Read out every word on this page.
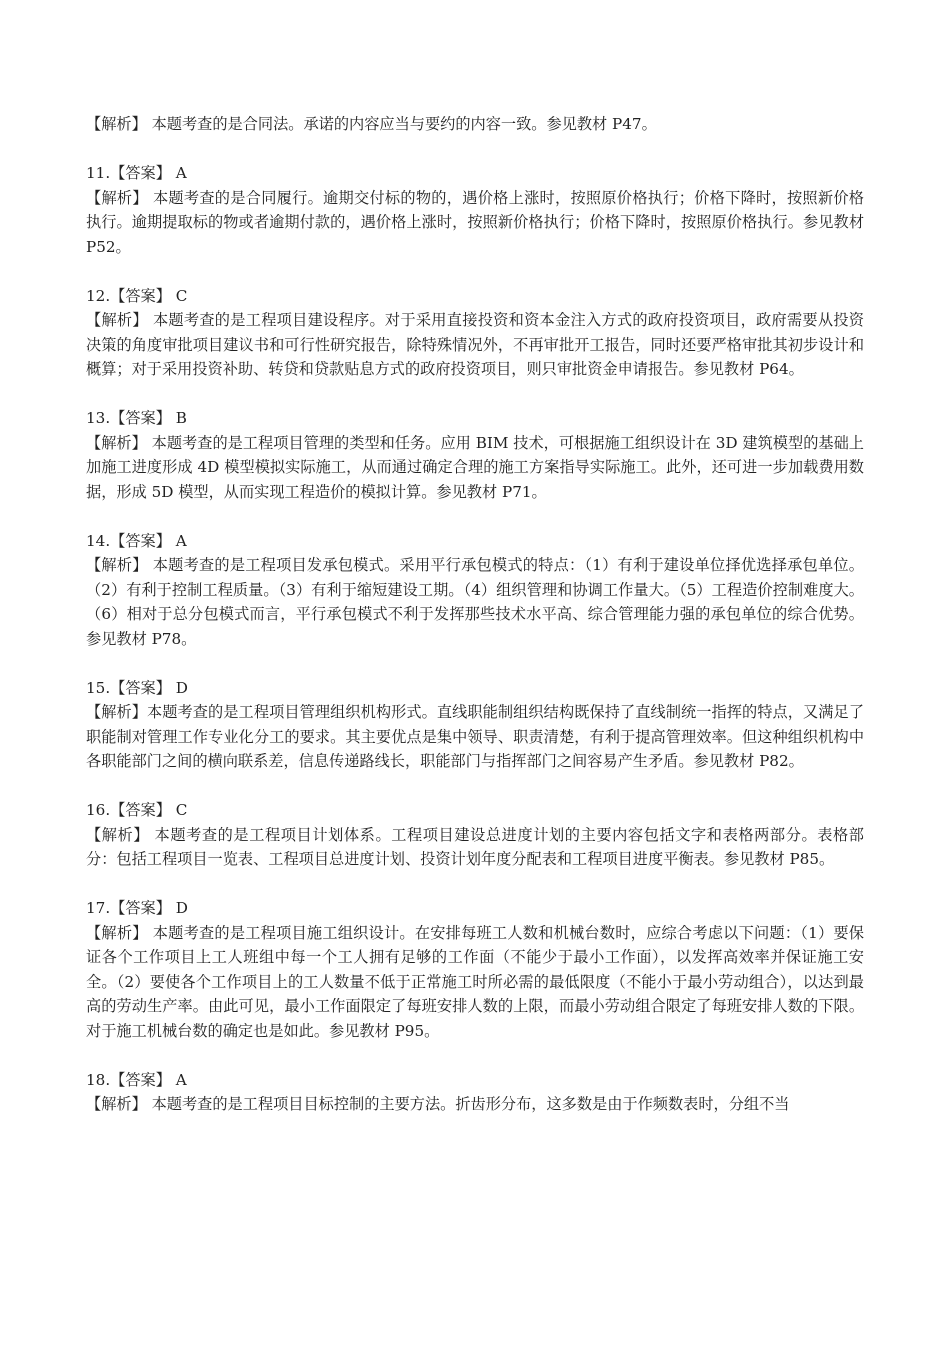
【解析】 本题考查的是合同法。承诺的内容应当与要约的内容一致。参见教材 P47。

11.【答案】 A

【解析】 本题考查的是合同履行。逾期交付标的物的，遇价格上涨时，按照原价格执行；价格下降时，按照新价格执行。逾期提取标的物或者逾期付款的，遇价格上涨时，按照新价格执行；价格下降时，按照原价格执行。参见教材 P52。

12.【答案】 C

【解析】 本题考查的是工程项目建设程序。对于采用直接投资和资本金注入方式的政府投资项目，政府需要从投资决策的角度审批项目建议书和可行性研究报告，除特殊情况外，不再审批开工报告，同时还要严格审批其初步设计和概算；对于采用投资补助、转贷和贷款贴息方式的政府投资项目，则只审批资金申请报告。参见教材 P64。

13.【答案】 B

【解析】 本题考查的是工程项目管理的类型和任务。应用 BIM 技术，可根据施工组织设计在 3D 建筑模型的基础上加施工进度形成 4D 模型模拟实际施工，从而通过确定合理的施工方案指导实际施工。此外，还可进一步加载费用数据，形成 5D 模型，从而实现工程造价的模拟计算。参见教材 P71。

14.【答案】 A

【解析】 本题考查的是工程项目发承包模式。采用平行承包模式的特点：（1）有利于建设单位择优选择承包单位。（2）有利于控制工程质量。（3）有利于缩短建设工期。（4）组织管理和协调工作量大。（5）工程造价控制难度大。（6）相对于总分包模式而言，平行承包模式不利于发挥那些技术水平高、综合管理能力强的承包单位的综合优势。参见教材 P78。

15.【答案】 D

【解析】本题考查的是工程项目管理组织机构形式。直线职能制组织结构既保持了直线制统一指挥的特点，又满足了职能制对管理工作专业化分工的要求。其主要优点是集中领导、职责清楚，有利于提高管理效率。但这种组织机构中各职能部门之间的横向联系差，信息传递路线长，职能部门与指挥部门之间容易产生矛盾。参见教材 P82。

16.【答案】 C

【解析】 本题考查的是工程项目计划体系。工程项目建设总进度计划的主要内容包括文字和表格两部分。表格部分：包括工程项目一览表、工程项目总进度计划、投资计划年度分配表和工程项目进度平衡表。参见教材 P85。

17.【答案】 D

【解析】 本题考查的是工程项目施工组织设计。在安排每班工人数和机械台数时，应综合考虑以下问题：（1）要保证各个工作项目上工人班组中每一个工人拥有足够的工作面（不能少于最小工作面），以发挥高效率并保证施工安全。（2）要使各个工作项目上的工人数量不低于正常施工时所必需的最低限度（不能小于最小劳动组合），以达到最高的劳动生产率。由此可见，最小工作面限定了每班安排人数的上限，而最小劳动组合限定了每班安排人数的下限。对于施工机械台数的确定也是如此。参见教材 P95。

18.【答案】 A

【解析】 本题考查的是工程项目目标控制的主要方法。折齿形分布，这多数是由于作频数表时，分组不当
